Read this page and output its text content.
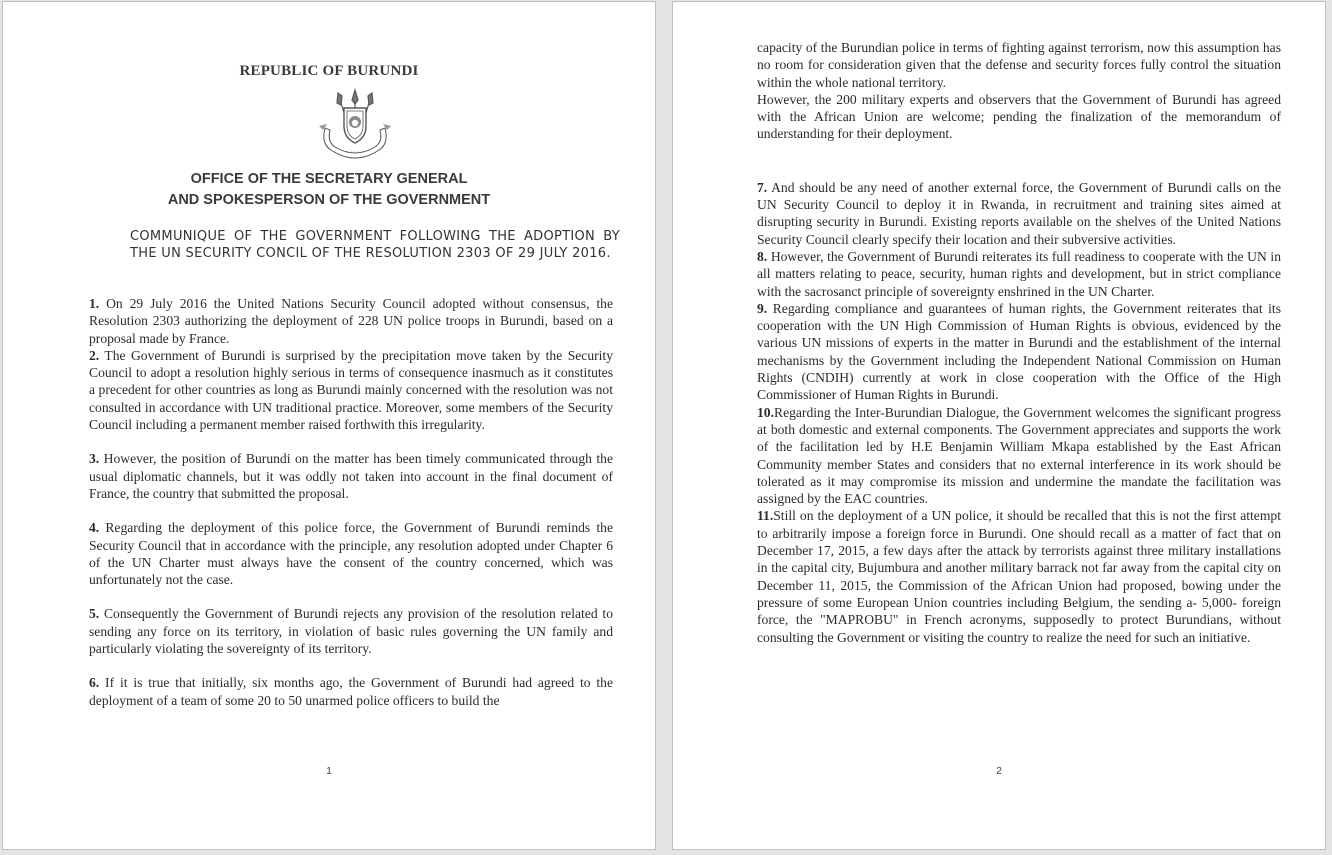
REPUBLIC OF BURUNDI
· · · · ·
OFFICE OF THE SECRETARY GENERAL
AND SPOKESPERSON OF THE GOVERNMENT
COMMUNIQUE OF THE GOVERNMENT FOLLOWING THE ADOPTION BY THE UN SECURITY CONCIL OF THE RESOLUTION 2303 OF 29 JULY 2016.

1. On 29 July 2016 the United Nations Security Council adopted without consensus, the Resolution 2303 authorizing the deployment of 228 UN police troops in Burundi, based on a proposal made by France.

2. The Government of Burundi is surprised by the precipitation move taken by the Security Council to adopt a resolution highly serious in terms of consequence inasmuch as it constitutes a precedent for other countries as long as Burundi mainly concerned with the resolution was not consulted in accordance with UN traditional practice. Moreover, some members of the Security Council including a permanent member raised forthwith this irregularity.

3. However, the position of Burundi on the matter has been timely communicated through the usual diplomatic channels, but it was oddly not taken into account in the final document of France, the country that submitted the proposal.

4. Regarding the deployment of this police force, the Government of Burundi reminds the Security Council that in accordance with the principle, any resolution adopted under Chapter 6 of the UN Charter must always have the consent of the country concerned, which was unfortunately not the case.

5. Consequently the Government of Burundi rejects any provision of the resolution related to sending any force on its territory, in violation of basic rules governing the UN family and particularly violating the sovereignty of its territory.

6. If it is true that initially, six months ago, the Government of Burundi had agreed to the deployment of a team of some 20 to 50 unarmed police officers to build the

1

capacity of the Burundian police in terms of fighting against terrorism, now this assumption has no room for consideration given that the defense and security forces fully control the situation within the whole national territory.

However, the 200 military experts and observers that the Government of Burundi has agreed with the African Union are welcome; pending the finalization of the memorandum of understanding for their deployment.

7. And should be any need of another external force, the Government of Burundi calls on the UN Security Council to deploy it in Rwanda, in recruitment and training sites aimed at disrupting security in Burundi. Existing reports available on the shelves of the United Nations Security Council clearly specify their location and their subversive activities.

8. However, the Government of Burundi reiterates its full readiness to cooperate with the UN in all matters relating to peace, security, human rights and development, but in strict compliance with the sacrosanct principle of sovereignty enshrined in the UN Charter.

9. Regarding compliance and guarantees of human rights, the Government reiterates that its cooperation with the UN High Commission of Human Rights is obvious, evidenced by the various UN missions of experts in the matter in Burundi and the establishment of the internal mechanisms by the Government including the Independent National Commission on Human Rights (CNDIH) currently at work in close cooperation with the Office of the High Commissioner of Human Rights in Burundi.

10.Regarding the Inter-Burundian Dialogue, the Government welcomes the significant progress at both domestic and external components. The Government appreciates and supports the work of the facilitation led by H.E Benjamin William Mkapa established by the East African Community member States and considers that no external interference in its work should be tolerated as it may compromise its mission and undermine the mandate the facilitation was assigned by the EAC countries.

11.Still on the deployment of a UN police, it should be recalled that this is not the first attempt to arbitrarily impose a foreign force in Burundi. One should recall as a matter of fact that on December 17, 2015, a few days after the attack by terrorists against three military installations in the capital city, Bujumbura and another military barrack not far away from the capital city on December 11, 2015, the Commission of the African Union had proposed, bowing under the pressure of some European Union countries including Belgium, the sending a- 5,000- foreign force, the "MAPROBU" in French acronyms, supposedly to protect Burundians, without consulting the Government or visiting the country to realize the need for such an initiative.

2
